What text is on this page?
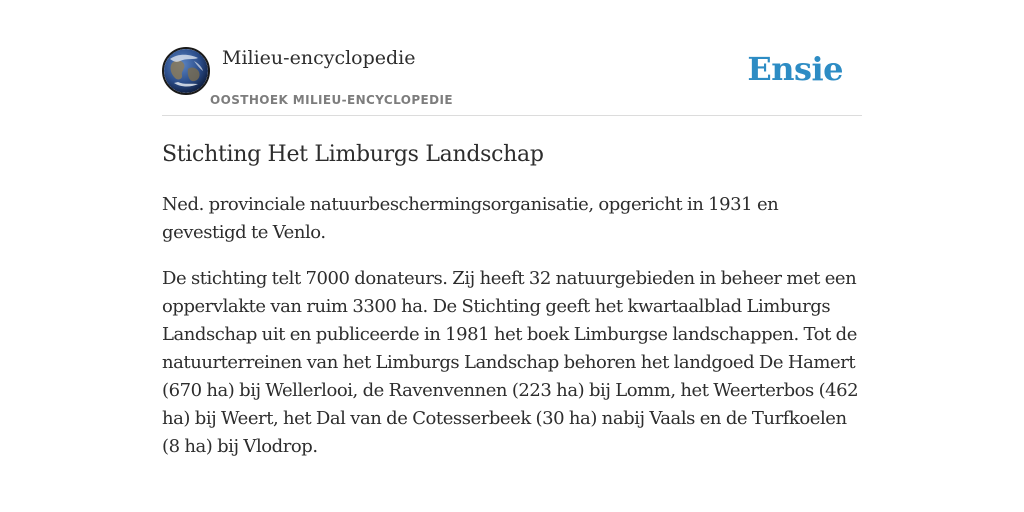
Milieu-encyclopedie
OOSTHOEK MILIEU-ENCYCLOPEDIE
Ensie
Stichting Het Limburgs Landschap

Ned. provinciale natuurbeschermingsorganisatie, opgericht in 1931 en gevestigd te Venlo.

De stichting telt 7000 donateurs. Zij heeft 32 natuurgebieden in beheer met een oppervlakte van ruim 3300 ha. De Stichting geeft het kwartaalblad Limburgs Landschap uit en publiceerde in 1981 het boek Limburgse landschappen. Tot de natuurterreinen van het Limburgs Landschap behoren het landgoed De Hamert (670 ha) bij Wellerlooi, de Ravenvennen (223 ha) bij Lomm, het Weerterbos (462 ha) bij Weert, het Dal van de Cotesserbeek (30 ha) nabij Vaals en de Turfkoelen (8 ha) bij Vlodrop.
